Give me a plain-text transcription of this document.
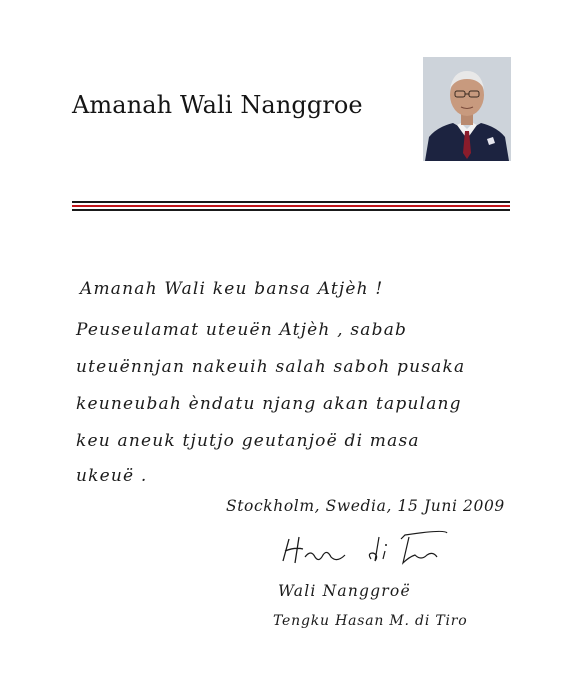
Amanah Wali Nanggroe
Amanah Wali keu bansa Atjèh !
Peuseulamat uteuën Atjèh , sabab
uteuënnjan nakeuih salah saboh pusaka
keuneubah èndatu njang akan tapulang
keu aneuk tjutjo geutanjoë di masa
ukeuë .
Stockholm, Swedia, 15 Juni 2009
Wali Nanggroë
Tengku Hasan M. di Tiro
